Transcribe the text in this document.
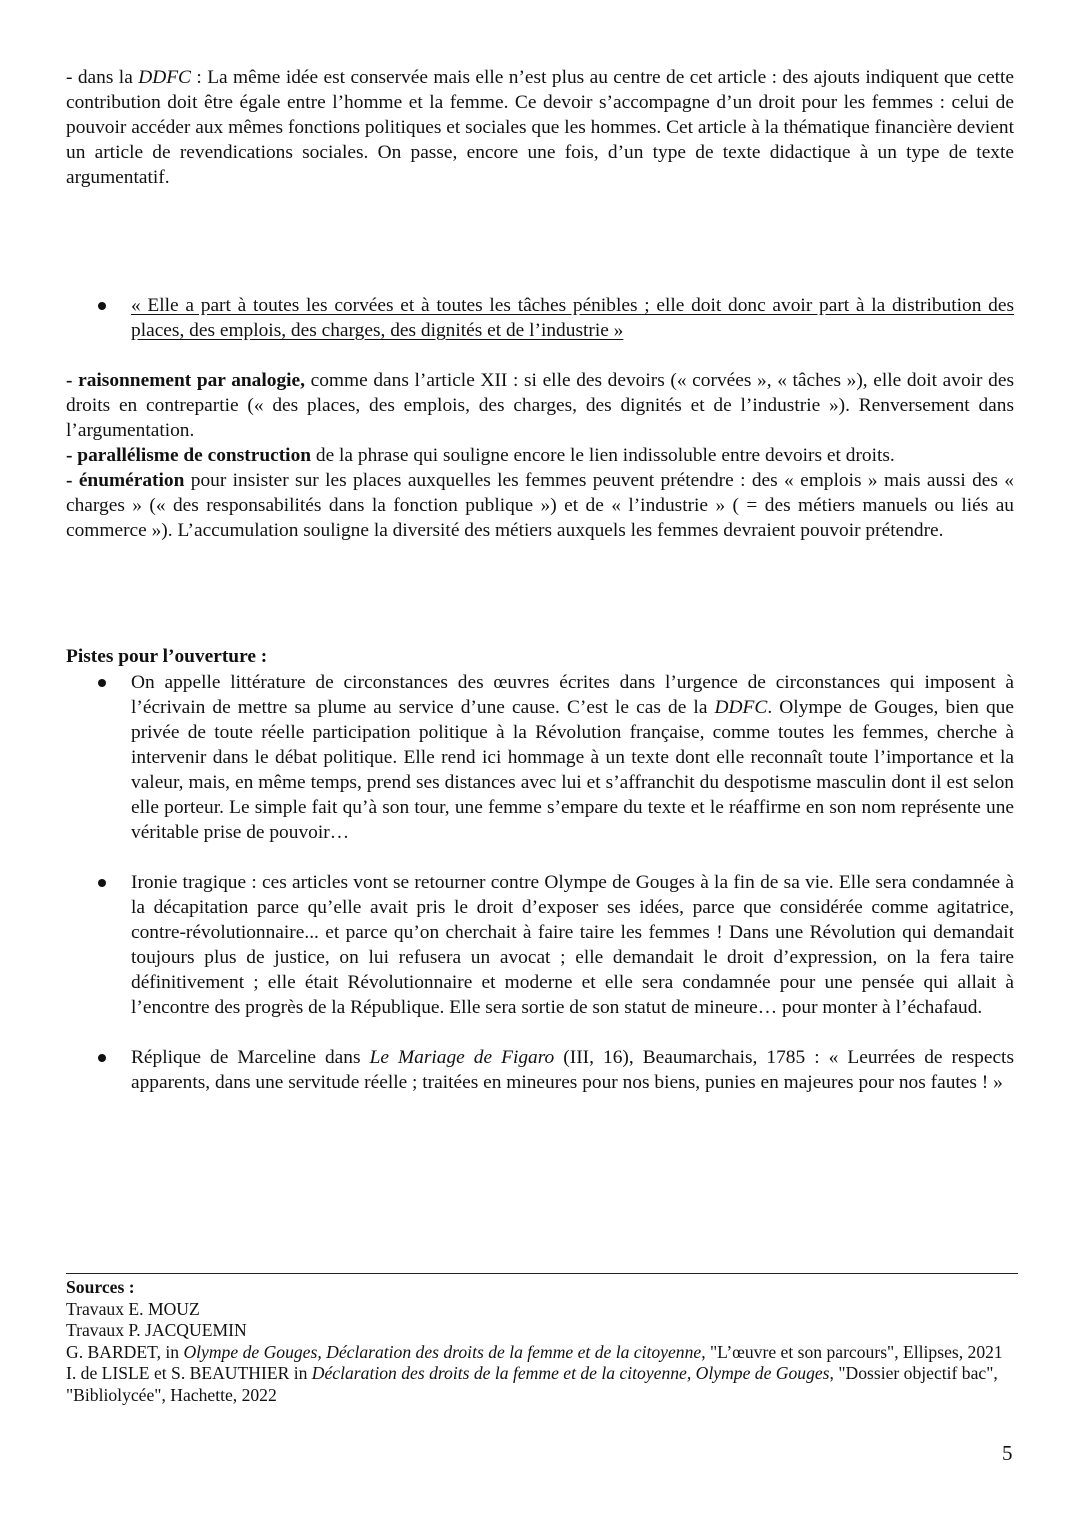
- dans la DDFC : La même idée est conservée mais elle n’est plus au centre de cet article : des ajouts indiquent que cette contribution doit être égale entre l’homme et la femme. Ce devoir s’accompagne d’un droit pour les femmes : celui de pouvoir accéder aux mêmes fonctions politiques et sociales que les hommes. Cet article à la thématique financière devient un article de revendications sociales. On passe, encore une fois, d’un type de texte didactique à un type de texte argumentatif.

« Elle a part à toutes les corvées et à toutes les tâches pénibles ; elle doit donc avoir part à la distribution des places, des emplois, des charges, des dignités et de l’industrie »
- raisonnement par analogie, comme dans l’article XII : si elle des devoirs (« corvées », « tâches »), elle doit avoir des droits en contrepartie (« des places, des emplois, des charges, des dignités et de l’industrie »). Renversement dans l’argumentation.
- parallélisme de construction de la phrase qui souligne encore le lien indissoluble entre devoirs et droits.
- énumération pour insister sur les places auxquelles les femmes peuvent prétendre : des « emplois » mais aussi des « charges » (« des responsabilités dans la fonction publique ») et de « l’industrie » ( = des métiers manuels ou liés au commerce »). L’accumulation souligne la diversité des métiers auxquels les femmes devraient pouvoir prétendre.
Pistes pour l’ouverture :
On appelle littérature de circonstances des œuvres écrites dans l’urgence de circonstances qui imposent à l’écrivain de mettre sa plume au service d’une cause. C’est le cas de la DDFC. Olympe de Gouges, bien que privée de toute réelle participation politique à la Révolution française, comme toutes les femmes, cherche à intervenir dans le débat politique. Elle rend ici hommage à un texte dont elle reconnaît toute l’importance et la valeur, mais, en même temps, prend ses distances avec lui et s’affranchit du despotisme masculin dont il est selon elle porteur. Le simple fait qu’à son tour, une femme s’empare du texte et le réaffirme en son nom représente une véritable prise de pouvoir…
Ironie tragique : ces articles vont se retourner contre Olympe de Gouges à la fin de sa vie. Elle sera condamnée à la décapitation parce qu’elle avait pris le droit d’exposer ses idées, parce que considérée comme agitatrice, contre-révolutionnaire... et parce qu’on cherchait à faire taire les femmes ! Dans une Révolution qui demandait toujours plus de justice, on lui refusera un avocat ; elle demandait le droit d’expression, on la fera taire définitivement ; elle était Révolutionnaire et moderne et elle sera condamnée pour une pensée qui allait à l’encontre des progrès de la République. Elle sera sortie de son statut de mineure… pour monter à l’échafaud.
Réplique de Marceline dans Le Mariage de Figaro (III, 16), Beaumarchais, 1785 : « Leurrées de respects apparents, dans une servitude réelle ; traitées en mineures pour nos biens, punies en majeures pour nos fautes ! »
Sources :
Travaux E. MOUZ
Travaux P. JACQUEMIN
G. BARDET, in Olympe de Gouges, Déclaration des droits de la femme et de la citoyenne, "L’œuvre et son parcours", Ellipses, 2021
I. de LISLE et S. BEAUTHIER in Déclaration des droits de la femme et de la citoyenne, Olympe de Gouges, "Dossier objectif bac", "Bibliolycée", Hachette, 2022
5
